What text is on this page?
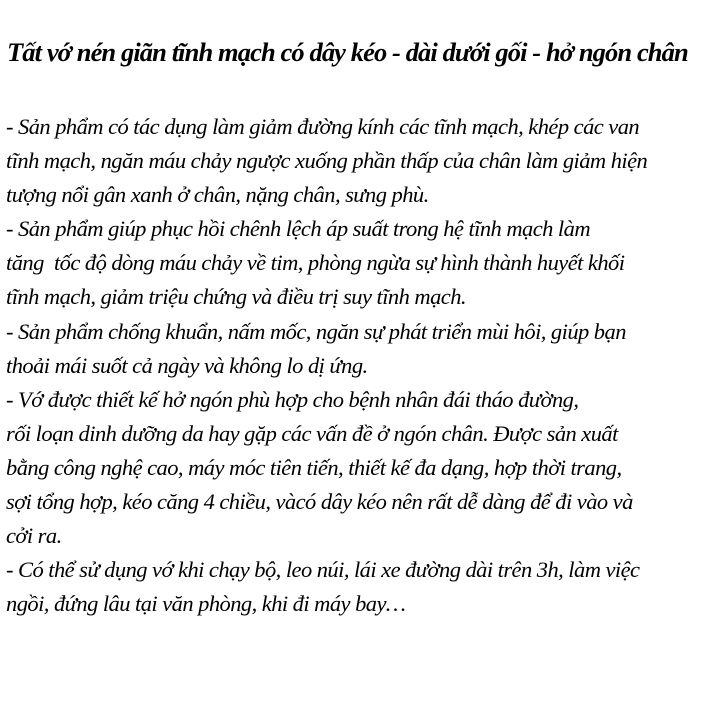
Tất vớ nén giãn tĩnh mạch có dây kéo - dài dưới gối - hở ngón chân
- Sản phẩm có tác dụng làm giảm đường kính các tĩnh mạch, khép các van
tĩnh mạch, ngăn máu chảy ngược xuống phần thấp của chân làm giảm hiện
tượng nổi gân xanh ở chân, nặng chân, sưng phù.
- Sản phẩm giúp phục hồi chênh lệch áp suất trong hệ tĩnh mạch làm
tăng  tốc độ dòng máu chảy về tim, phòng ngừa sự hình thành huyết khối
tĩnh mạch, giảm triệu chứng và điều trị suy tĩnh mạch.
- Sản phẩm chống khuẩn, nấm mốc, ngăn sự phát triển mùi hôi, giúp bạn
thoải mái suốt cả ngày và không lo dị ứng.
- Vớ được thiết kế hở ngón phù hợp cho bệnh nhân đái tháo đường,
rối loạn dinh dưỡng da hay gặp các vấn đề ở ngón chân. Được sản xuất
bằng công nghệ cao, máy móc tiên tiến, thiết kế đa dạng, hợp thời trang,
sợi tổng hợp, kéo căng 4 chiều, vàcó dây kéo nên rất dễ dàng để đi vào và
cởi ra.
- Có thể sử dụng vớ khi chạy bộ, leo núi, lái xe đường dài trên 3h, làm việc
ngồi, đứng lâu tại văn phòng, khi đi máy bay…
